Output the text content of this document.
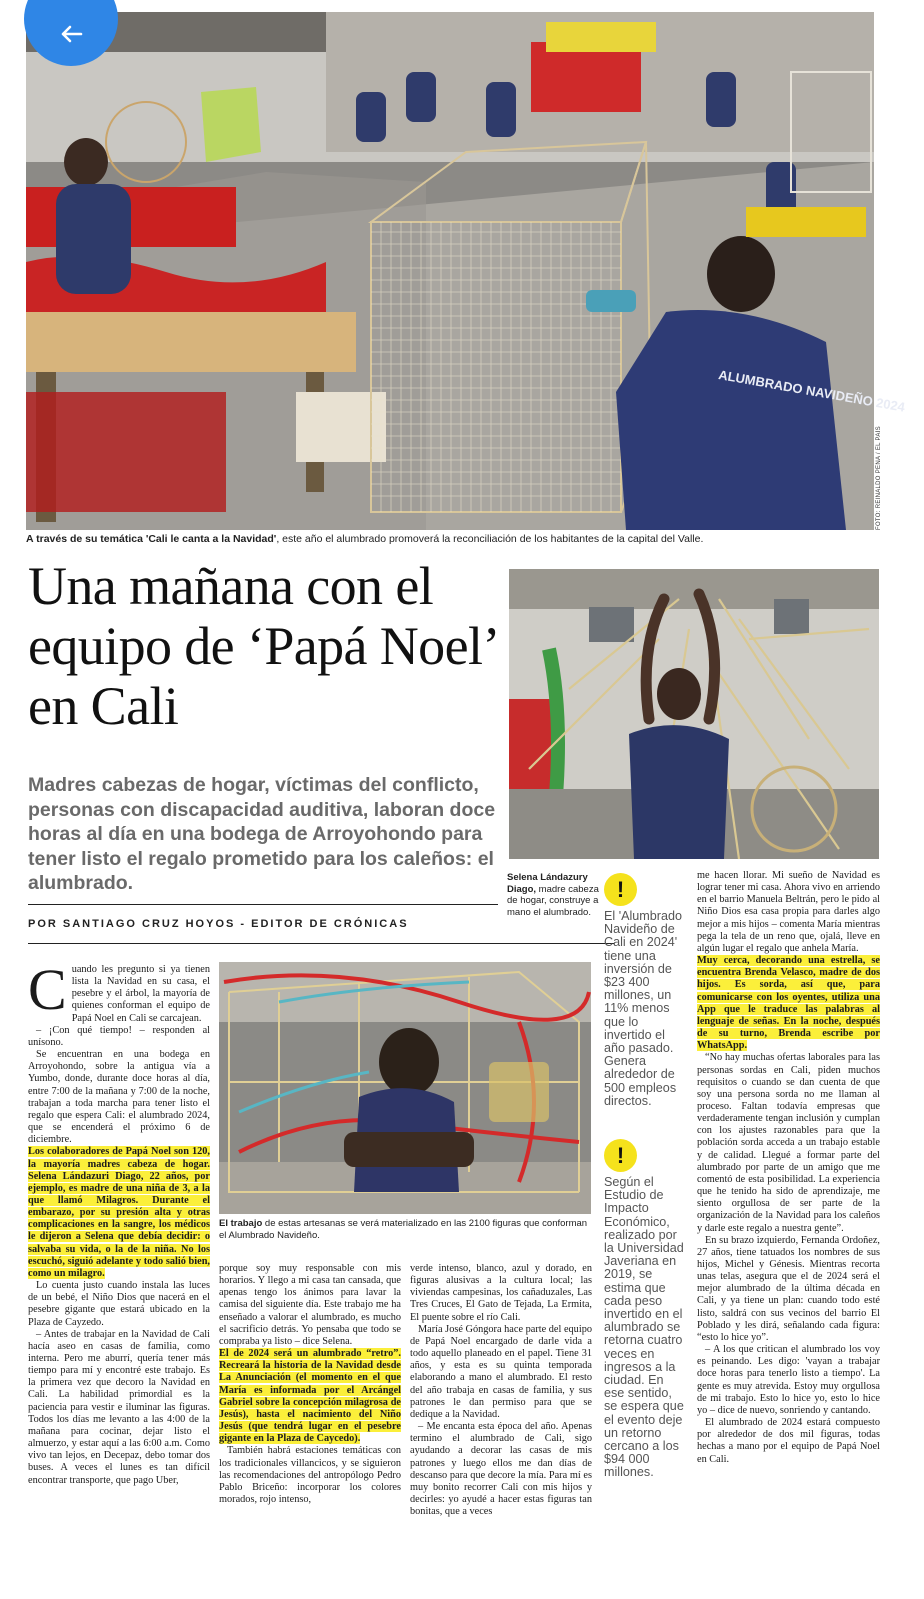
ALUMBRADO NAVIDEÑO 2024
FOTO: REINALDO PEÑA / EL PAÍS
A través de su temática 'Cali le canta a la Navidad', este año el alumbrado promoverá la reconciliación de los habitantes de la capital del Valle.
Una mañana con el equipo de ‘Papá Noel’ en Cali

Madres cabezas de hogar, víctimas del conflicto, personas con discapacidad auditiva, laboran doce horas al día en una bodega de Arroyohondo para tener listo el regalo prometido para los caleños: el alumbrado.

POR SANTIAGO CRUZ HOYOS - EDITOR DE CRÓNICAS
Selena Lándazury Diago, madre cabeza de hogar, construye a mano el alumbrado.
!
El 'Alumbrado Navideño de Cali en 2024' tiene una inversión de $23 400 millones, un 11% menos que lo invertido el año pasado. Genera alrededor de 500 empleos directos.
!
Según el Estudio de Impacto Económico, realizado por la Universidad Javeriana en 2019, se estima que cada peso invertido en el alumbrado se retorna cuatro veces en ingresos a la ciudad. En ese sentido, se espera que el evento deje un retorno cercano a los $94 000 millones.
El trabajo de estas artesanas se verá materializado en las 2100 figuras que conforman el Alumbrado Navideño.

Cuando les pregunto si ya tienen lista la Navidad en su casa, el pesebre y el árbol, la mayoría de quienes conforman el equipo de Papá Noel en Cali se carcajean.

– ¡Con qué tiempo! – responden al unísono.

Se encuentran en una bodega en Arroyohondo, sobre la antigua vía a Yumbo, donde, durante doce horas al día, entre 7:00 de la mañana y 7:00 de la noche, trabajan a toda marcha para tener listo el regalo que espera Cali: el alumbrado 2024, que se encenderá el próximo 6 de diciembre.

Los colaboradores de Papá Noel son 120, la mayoría madres cabeza de hogar. Selena Lándazuri Diago, 22 años, por ejemplo, es madre de una niña de 3, a la que llamó Milagros. Durante el embarazo, por su presión alta y otras complicaciones en la sangre, los médicos le dijeron a Selena que debía decidir: o salvaba su vida, o la de la niña. No los escuchó, siguió adelante y todo salió bien, como un milagro.

Lo cuenta justo cuando instala las luces de un bebé, el Niño Dios que nacerá en el pesebre gigante que estará ubicado en la Plaza de Cayzedo.

– Antes de trabajar en la Navidad de Cali hacía aseo en casas de familia, como interna. Pero me aburrí, quería tener más tiempo para mí y encontré este trabajo. Es la primera vez que decoro la Navidad en Cali. La habilidad primordial es la paciencia para vestir e iluminar las figuras. Todos los días me levanto a las 4:00 de la mañana para cocinar, dejar listo el almuerzo, y estar aquí a las 6:00 a.m. Como vivo tan lejos, en Decepaz, debo tomar dos buses. A veces el lunes es tan difícil encontrar transporte, que pago Uber,

porque soy muy responsable con mis horarios. Y llego a mi casa tan cansada, que apenas tengo los ánimos para lavar la camisa del siguiente día. Este trabajo me ha enseñado a valorar el alumbrado, es mucho el sacrificio detrás. Yo pensaba que todo se compraba ya listo – dice Selena.

El de 2024 será un alumbrado “retro”. Recreará la historia de la Navidad desde La Anunciación (el momento en el que María es informada por el Arcángel Gabriel sobre la concepción milagrosa de Jesús), hasta el nacimiento del Niño Jesús (que tendrá lugar en el pesebre gigante en la Plaza de Caycedo).

También habrá estaciones temáticas con los tradicionales villancicos, y se siguieron las recomendaciones del antropólogo Pedro Pablo Briceño: incorporar los colores morados, rojo intenso,

verde intenso, blanco, azul y dorado, en figuras alusivas a la cultura local; las viviendas campesinas, los cañaduzales, Las Tres Cruces, El Gato de Tejada, La Ermita, El puente sobre el río Cali.

María José Góngora hace parte del equipo de Papá Noel encargado de darle vida a todo aquello planeado en el papel. Tiene 31 años, y esta es su quinta temporada elaborando a mano el alumbrado. El resto del año trabaja en casas de familia, y sus patrones le dan permiso para que se dedique a la Navidad.

– Me encanta esta época del año. Apenas termino el alumbrado de Cali, sigo ayudando a decorar las casas de mis patrones y luego ellos me dan días de descanso para que decore la mía. Para mí es muy bonito recorrer Cali con mis hijos y decirles: yo ayudé a hacer estas figuras tan bonitas, que a veces

me hacen llorar. Mi sueño de Navidad es lograr tener mi casa. Ahora vivo en arriendo en el barrio Manuela Beltrán, pero le pido al Niño Dios esa casa propia para darles algo mejor a mis hijos – comenta María mientras pega la tela de un reno que, ojalá, lleve en algún lugar el regalo que anhela María.

Muy cerca, decorando una estrella, se encuentra Brenda Velasco, madre de dos hijos. Es sorda, así que, para comunicarse con los oyentes, utiliza una App que le traduce las palabras al lenguaje de señas. En la noche, después de su turno, Brenda escribe por WhatsApp.

“No hay muchas ofertas laborales para las personas sordas en Cali, piden muchos requisitos o cuando se dan cuenta de que soy una persona sorda no me llaman al proceso. Faltan todavía empresas que verdaderamente tengan inclusión y cumplan con los ajustes razonables para que la población sorda acceda a un trabajo estable y de calidad. Llegué a formar parte del alumbrado por parte de un amigo que me comentó de esta posibilidad. La experiencia que he tenido ha sido de aprendizaje, me siento orgullosa de ser parte de la organización de la Navidad para los caleños y darle este regalo a nuestra gente”.

En su brazo izquierdo, Fernanda Ordoñez, 27 años, tiene tatuados los nombres de sus hijos, Michel y Génesis. Mientras recorta unas telas, asegura que el de 2024 será el mejor alumbrado de la última década en Cali, y ya tiene un plan: cuando todo esté listo, saldrá con sus vecinos del barrio El Poblado y les dirá, señalando cada figura: “esto lo hice yo”.

– A los que critican el alumbrado los voy es peinando. Les digo: 'vayan a trabajar doce horas para tenerlo listo a tiempo'. La gente es muy atrevida. Estoy muy orgullosa de mi trabajo. Esto lo hice yo, esto lo hice yo – dice de nuevo, sonriendo y cantando.

El alumbrado de 2024 estará compuesto por alrededor de dos mil figuras, todas hechas a mano por el equipo de Papá Noel en Cali.
